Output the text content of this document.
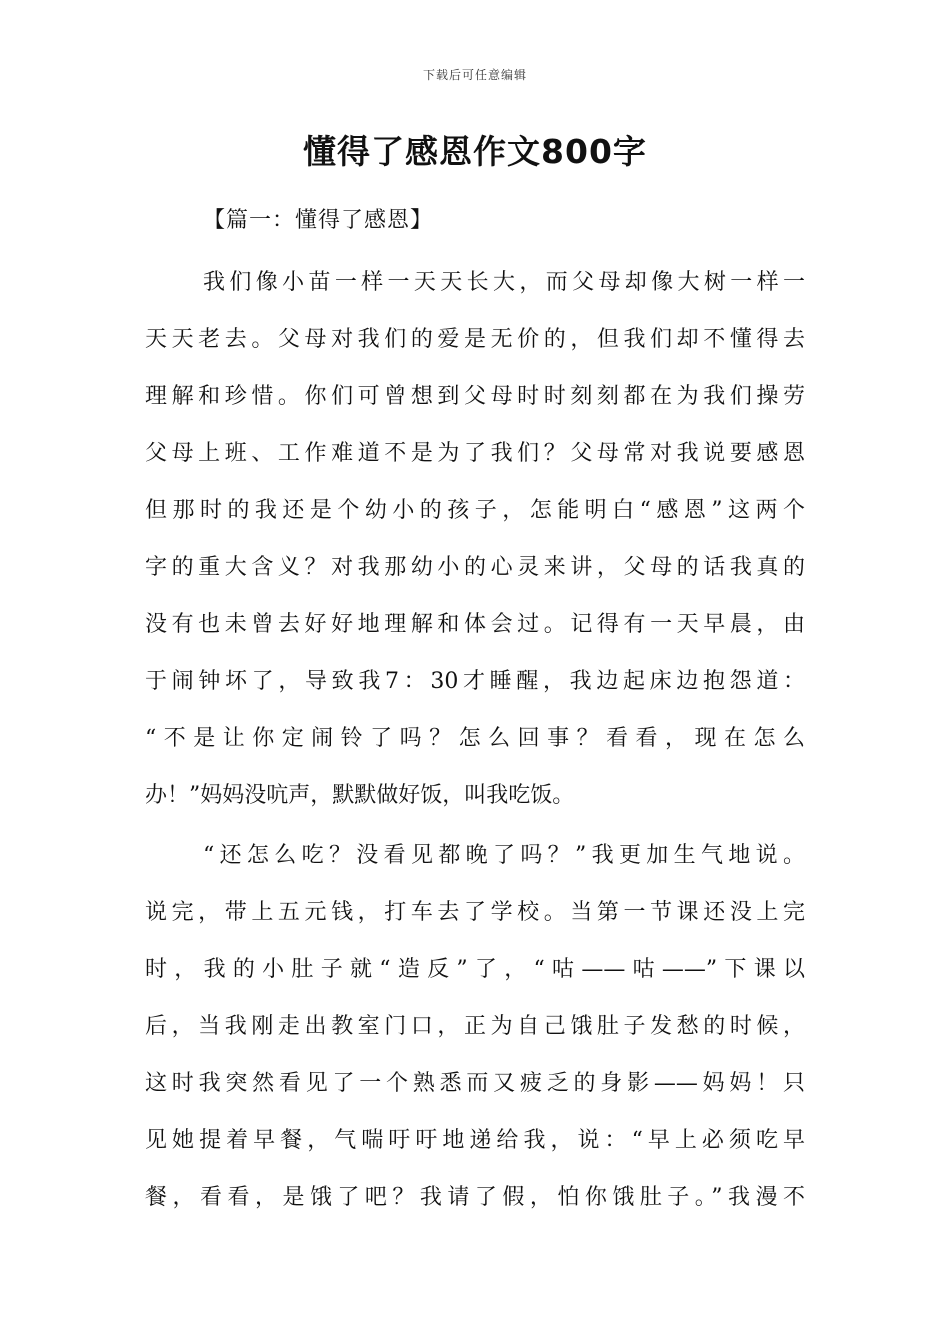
下载后可任意编辑
懂得了感恩作文800字
【篇一：懂得了感恩】
我们像小苗一样一天天长大，而父母却像大树一样一
天天老去。父母对我们的爱是无价的，但我们却不懂得去
理解和珍惜。你们可曾想到父母时时刻刻都在为我们操劳
父母上班、工作难道不是为了我们？父母常对我说要感恩
但那时的我还是个幼小的孩子，怎能明白“感恩”这两个
字的重大含义？对我那幼小的心灵来讲，父母的话我真的
没有也未曾去好好地理解和体会过。记得有一天早晨，由
于闹钟坏了，导致我7：30才睡醒，我边起床边抱怨道：
“不是让你定闹铃了吗？怎么回事？看看，现在怎么
办！”妈妈没吭声，默默做好饭，叫我吃饭。
“还怎么吃？没看见都晚了吗？”我更加生气地说。
说完，带上五元钱，打车去了学校。当第一节课还没上完
时，我的小肚子就“造反”了，“咕——咕——”下课以
后，当我刚走出教室门口，正为自己饿肚子发愁的时候，
这时我突然看见了一个熟悉而又疲乏的身影——妈妈！只
见她提着早餐，气喘吁吁地递给我，说：“早上必须吃早
餐，看看，是饿了吧？我请了假，怕你饿肚子。”我漫不
